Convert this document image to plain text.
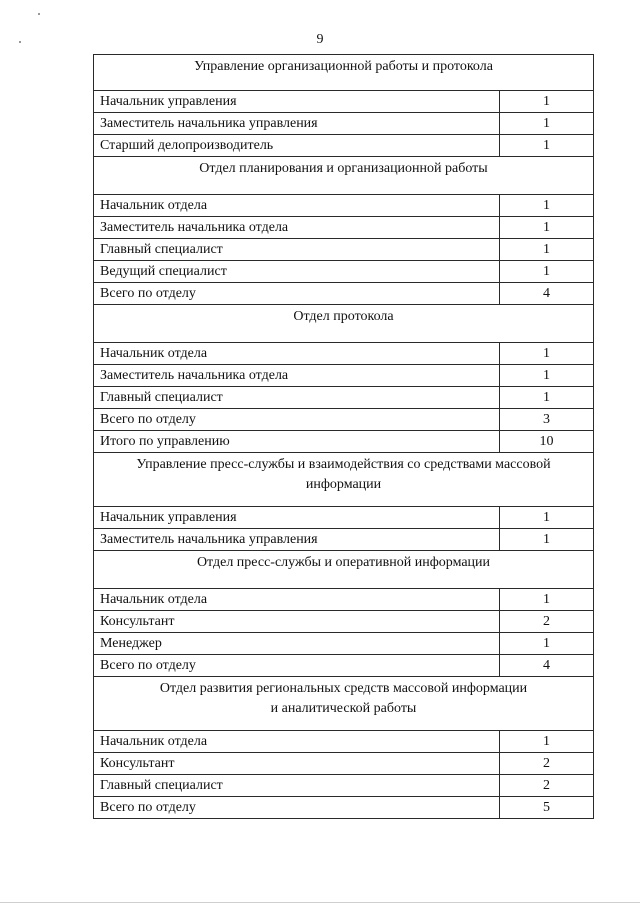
9
Управление организационной работы и протокола	

Начальник управления	1
Заместитель начальника управления	1
Старший делопроизводитель	1

Отдел планирования и организационной работы	

Начальник отдела	1
Заместитель начальника отдела	1
Главный специалист	1
Ведущий специалист	1
Всего по отделу	4

Отдел протокола	

Начальник отдела	1
Заместитель начальника отдела	1
Главный специалист	1
Всего по отделу	3
Итого по управлению	10

Управление пресс-службы и взаимодействия со средствами массовой
информации	

Начальник управления	1
Заместитель начальника управления	1

Отдел пресс-службы и оперативной информации	

Начальник отдела	1
Консультант	2
Менеджер	1
Всего по отделу	4

Отдел развития региональных средств массовой информации
и аналитической работы	

Начальник отдела	1
Консультант	2
Главный специалист	2
Всего по отделу	5
